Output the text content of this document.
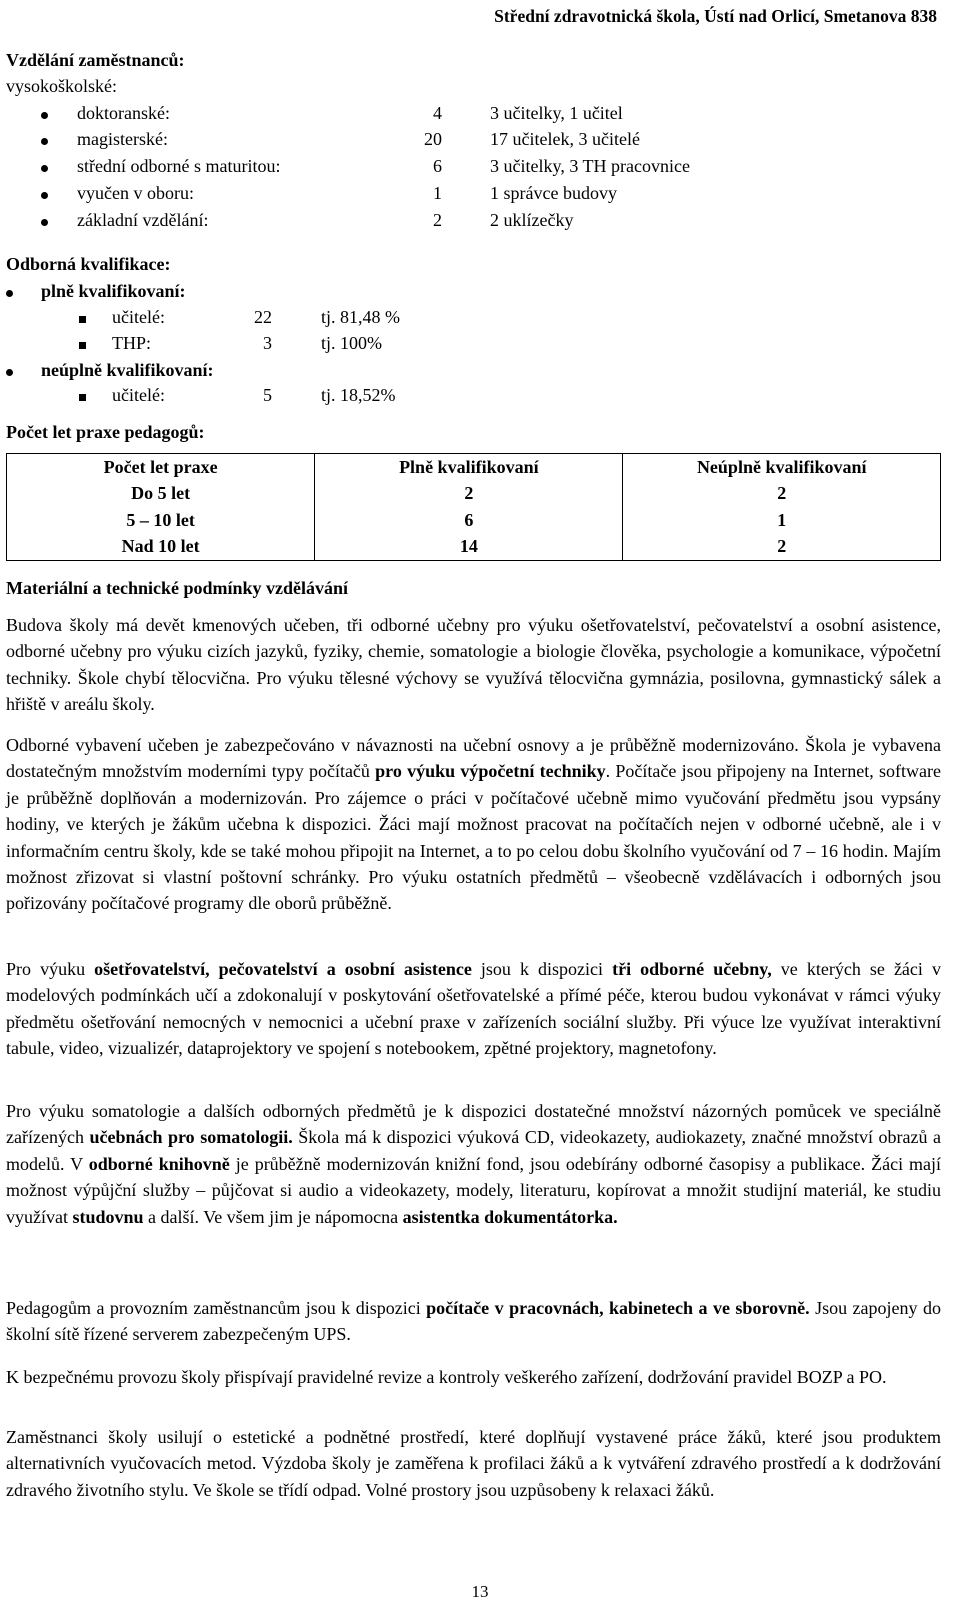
Střední zdravotnická škola, Ústí nad Orlicí, Smetanova 838
Vzdělání zaměstnanců:
vysokoškolské:
doktoranské:	4	3 učitelky, 1 učitel
magisterské:	20	17 učitelek, 3 učitelé
střední odborné s maturitou:	6	3 učitelky, 3 TH pracovnice
vyučen v oboru:	1	1 správce budovy
základní vzdělání:	2	2 uklízečky
Odborná kvalifikace:
plně kvalifikovaní:
učitelé:	22	tj. 81,48 %
THP:	3	tj. 100%
neúplně kvalifikovaní:
učitelé:	5	tj. 18,52%
Počet let praxe pedagogů:
Počet let praxe	Plně kvalifikovaní	Neúplně kvalifikovaní
Do 5 let	2	2
5 – 10 let	6	1
Nad 10 let	14	2
Materiální a technické podmínky vzdělávání
Budova školy má devět kmenových učeben, tři odborné učebny pro výuku ošetřovatelství, pečovatelství a osobní asistence, odborné učebny pro výuku cizích jazyků, fyziky, chemie, somatologie a biologie člověka, psychologie a komunikace, výpočetní techniky. Škole chybí tělocvična. Pro výuku tělesné výchovy se využívá tělocvična gymnázia, posilovna, gymnastický sálek a hřiště v areálu školy.
Odborné vybavení učeben je zabezpečováno v návaznosti na učební osnovy a je průběžně modernizováno. Škola je vybavena dostatečným množstvím moderními typy počítačů pro výuku výpočetní techniky. Počítače jsou připojeny na Internet, software je průběžně doplňován a modernizován. Pro zájemce o práci v počítačové učebně mimo vyučování předmětu jsou vypsány hodiny, ve kterých je žákům učebna k dispozici. Žáci mají možnost pracovat na počítačích nejen v odborné učebně, ale i v informačním centru školy, kde se také mohou připojit na Internet, a to po celou dobu školního vyučování od 7 – 16 hodin. Majím možnost zřizovat si vlastní poštovní schránky. Pro výuku ostatních předmětů – všeobecně vzdělávacích i odborných jsou pořizovány počítačové programy dle oborů průběžně.
Pro výuku ošetřovatelství, pečovatelství a osobní asistence jsou k dispozici tři odborné učebny, ve kterých se žáci v modelových podmínkách učí a zdokonalují v poskytování ošetřovatelské a přímé péče, kterou budou vykonávat v rámci výuky předmětu ošetřování nemocných v nemocnici a učební praxe v zařízeních sociální služby. Při výuce lze využívat interaktivní tabule, video, vizualizér, dataprojektory ve spojení s notebookem, zpětné projektory, magnetofony.
Pro výuku somatologie a dalších odborných předmětů je k dispozici dostatečné množství názorných pomůcek ve speciálně zařízených učebnách pro somatologii. Škola má k dispozici výuková CD, videokazety, audiokazety, značné množství obrazů a modelů. V odborné knihovně je průběžně modernizován knižní fond, jsou odebírány odborné časopisy a publikace. Žáci mají možnost výpůjční služby – půjčovat si audio a videokazety, modely, literaturu, kopírovat a množit studijní materiál, ke studiu využívat studovnu a další. Ve všem jim je nápomocna asistentka dokumentátorka.
Pedagogům a provozním zaměstnancům jsou k dispozici počítače v pracovnách, kabinetech a ve sborovně. Jsou zapojeny do školní sítě řízené serverem zabezpečeným UPS.
K bezpečnému provozu školy přispívají pravidelné revize a kontroly veškerého zařízení, dodržování pravidel BOZP a PO.
Zaměstnanci školy usilují o estetické a podnětné prostředí, které doplňují vystavené práce žáků, které jsou produktem alternativních vyučovacích metod. Výzdoba školy je zaměřena k profilaci žáků a k vytváření zdravého prostředí a k dodržování zdravého životního stylu. Ve škole se třídí odpad. Volné prostory jsou uzpůsobeny k relaxaci žáků.
13
